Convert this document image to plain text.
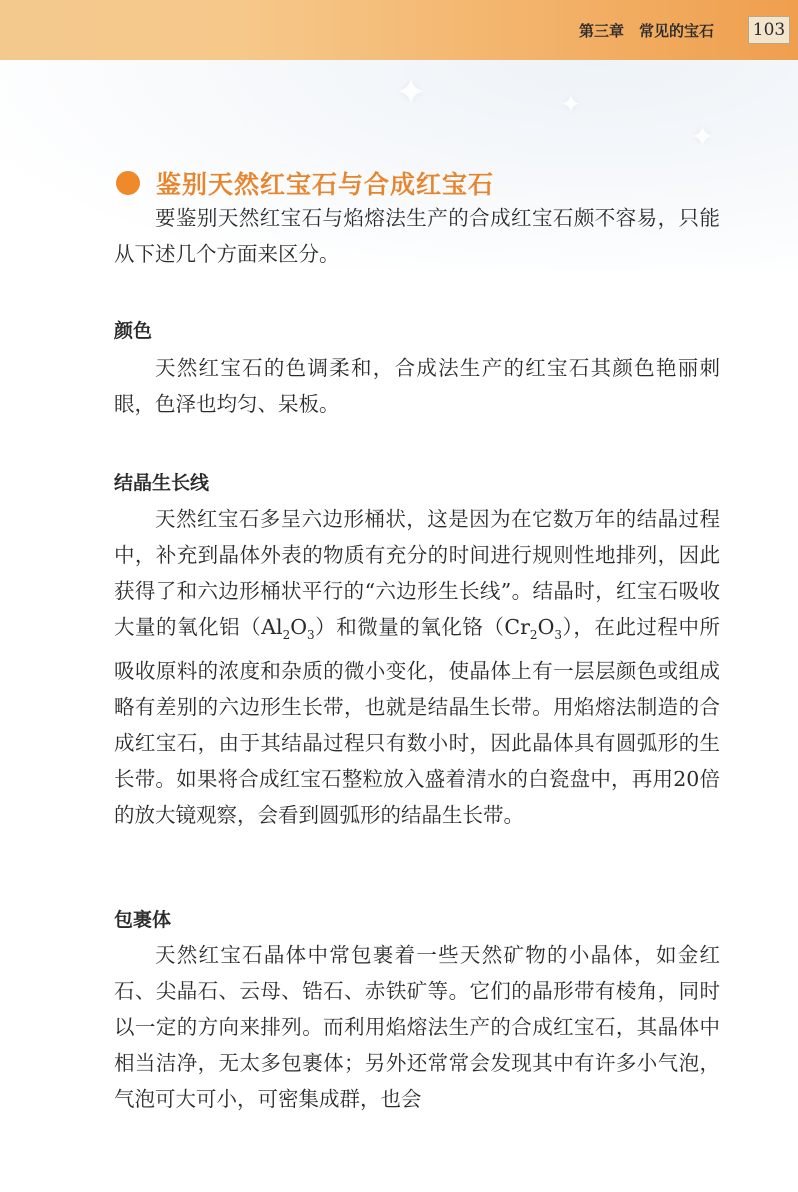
第三章　常见的宝石 103
✦	✦
✦
鉴别天然红宝石与合成红宝石

要鉴别天然红宝石与焰熔法生产的合成红宝石颇不容易，只能从下述几个方面来区分。

颜色

天然红宝石的色调柔和，合成法生产的红宝石其颜色艳丽刺眼，色泽也均匀、呆板。

结晶生长线

天然红宝石多呈六边形桶状，这是因为在它数万年的结晶过程中，补充到晶体外表的物质有充分的时间进行规则性地排列，因此获得了和六边形桶状平行的“六边形生长线”。结晶时，红宝石吸收大量的氧化铝$(Al_2O_3)$和微量的氧化铬$(Cr_2O_3)$，在此过程中所吸收原料的浓度和杂质的微小变化，使晶体上有一层层颜色或组成略有差别的六边形生长带，也就是结晶生长带。用焰熔法制造的合成红宝石，由于其结晶过程只有数小时，因此晶体具有圆弧形的生长带。如果将合成红宝石整粒放入盛着清水的白瓷盘中，再用20倍的放大镜观察，会看到圆弧形的结晶生长带。

包裹体

天然红宝石晶体中常包裹着一些天然矿物的小晶体，如金红石、尖晶石、云母、锆石、赤铁矿等。它们的晶形带有棱角，同时以一定的方向来排列。而利用焰熔法生产的合成红宝石，其晶体中相当洁净，无太多包裹体；另外还常常会发现其中有许多小气泡，气泡可大可小，可密集成群，也会
